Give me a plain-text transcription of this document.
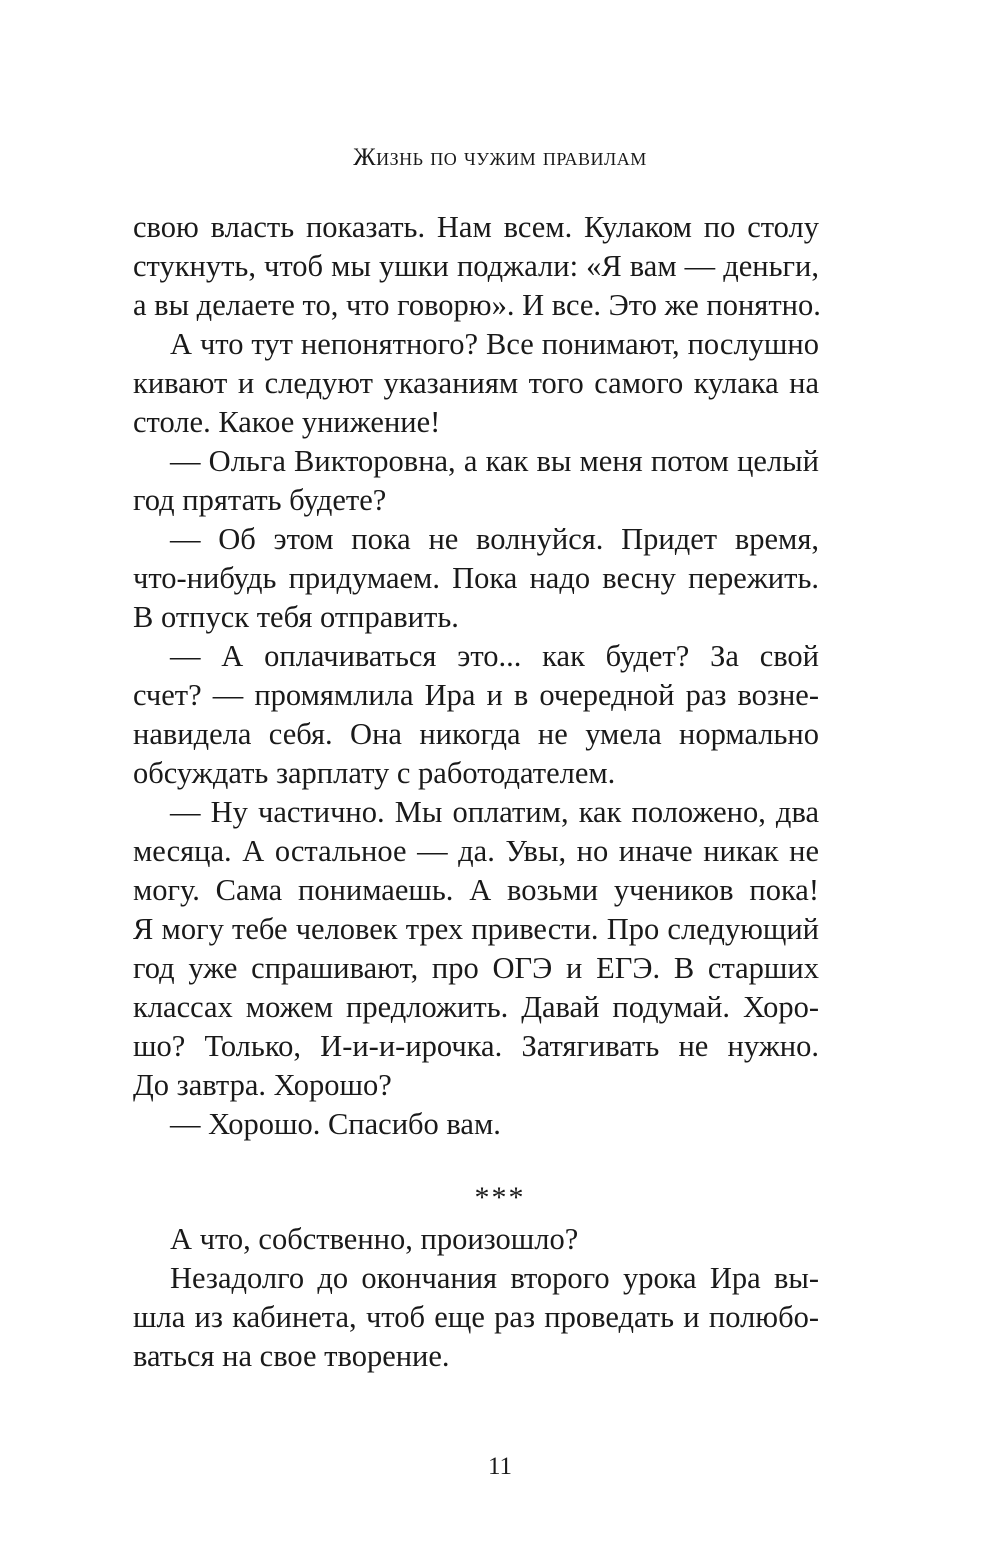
Жизнь по чужим правилам
свою власть показать. Нам всем. Кулаком по столу
стукнуть, чтоб мы ушки поджали: «Я вам — деньги,
а вы делаете то, что говорю». И все. Это же понятно.
А что тут непонятного? Все понимают, послушно
кивают и следуют указаниям того самого кулака на
столе. Какое унижение!
— Ольга Викторовна, а как вы меня потом целый
год прятать будете?
— Об этом пока не волнуйся. Придет время,
что-нибудь придумаем. Пока надо весну пережить.
В отпуск тебя отправить.
— А оплачиваться это... как будет? За свой
счет? — промямлила Ира и в очередной раз возне-
навидела себя. Она никогда не умела нормально
обсуждать зарплату с работодателем.
— Ну частично. Мы оплатим, как положено, два
месяца. А остальное — да. Увы, но иначе никак не
могу. Сама понимаешь. А возьми учеников пока!
Я могу тебе человек трех привести. Про следующий
год уже спрашивают, про ОГЭ и ЕГЭ. В старших
классах можем предложить. Давай подумай. Хоро-
шо? Только, И-и-и-ирочка. Затягивать не нужно.
До завтра. Хорошо?
— Хорошо. Спасибо вам.
***
А что, собственно, произошло?
Незадолго до окончания второго урока Ира вы-
шла из кабинета, чтоб еще раз проведать и полюбо-
ваться на свое творение.
11
